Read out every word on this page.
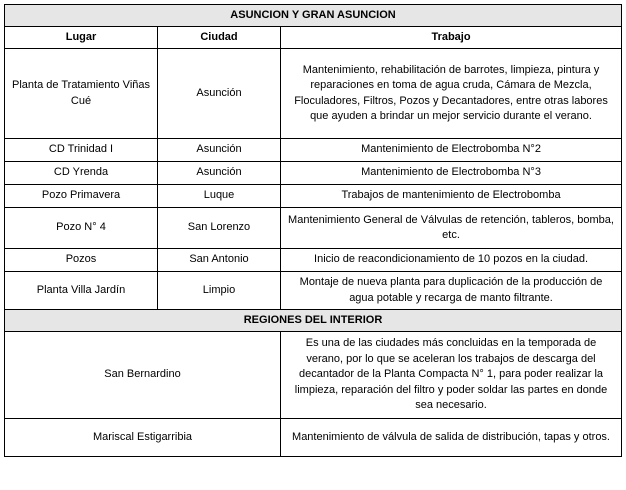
ASUNCION Y GRAN ASUNCION		
Lugar	Ciudad	Trabajo
Planta de Tratamiento Viñas Cué	Asunción	Mantenimiento, rehabilitación de barrotes, limpieza, pintura y reparaciones en toma de agua cruda, Cámara de Mezcla, Floculadores, Filtros, Pozos y Decantadores, entre otras labores que ayuden a brindar un mejor servicio durante el verano.
CD Trinidad I	Asunción	Mantenimiento de Electrobomba N°2
CD Yrenda	Asunción	Mantenimiento de Electrobomba N°3
Pozo Primavera	Luque	Trabajos de mantenimiento de Electrobomba
Pozo N° 4	San Lorenzo	Mantenimiento General de Válvulas de retención, tableros, bomba, etc.
Pozos	San Antonio	Inicio de reacondicionamiento de 10 pozos en la ciudad.
Planta Villa Jardín	Limpio	Montaje de nueva planta para duplicación de la producción de agua potable y recarga de manto filtrante.
REGIONES DEL INTERIOR		
San Bernardino		Es una de las ciudades más concluidas en la temporada de verano, por lo que se aceleran los trabajos de descarga del decantador de la Planta Compacta N° 1, para poder realizar la limpieza, reparación del filtro y poder soldar las partes en donde sea necesario.
Mariscal Estigarribia		Mantenimiento de válvula de salida de distribución, tapas y otros.
